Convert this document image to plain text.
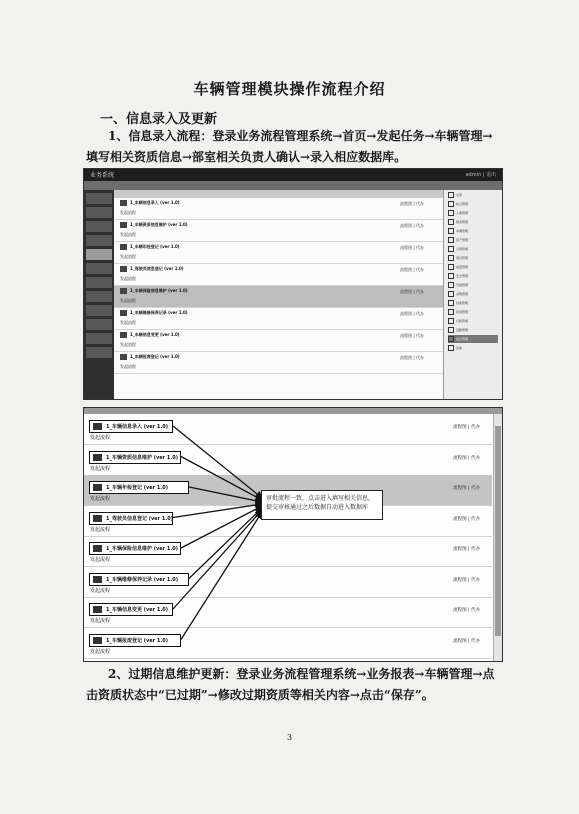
车辆管理模块操作流程介绍
一、信息录入及更新
1、信息录入流程：登录业务流程管理系统→首页→发起任务→车辆管理→填写相关资质信息→部室相关负责人确认→录入相应数据库。
业务系统	admin | 退出
1_车辆信息录入 (ver 1.0)
发起流程
流程图 | 代办
1_车辆资质信息维护 (ver 1.0)
发起流程
流程图 | 代办
1_车辆年检登记 (ver 1.0)
发起流程
流程图 | 代办
1_驾驶员信息登记 (ver 1.0)
发起流程
流程图 | 代办
1_车辆保险信息维护 (ver 1.0)
发起流程
流程图 | 代办
1_车辆维修保养记录 (ver 1.0)
发起流程
流程图 | 代办
1_车辆信息变更 (ver 1.0)
发起流程
流程图 | 代办
1_车辆报废登记 (ver 1.0)
发起流程
流程图 | 代办
全部
综合管理
人事管理
财务管理
车辆管理
资产管理
合同管理
项目管理
质量管理
安全管理
设备管理
采购管理
档案管理
培训管理
行政管理
后勤管理
信息管理
其他
1_车辆信息录入 (ver 1.0)
发起流程
流程图 | 代办
1_车辆资质信息维护 (ver 1.0)
发起流程
流程图 | 代办
1_车辆年检登记 (ver 1.0)
发起流程
流程图 | 代办
1_驾驶员信息登记 (ver 1.0)
发起流程
流程图 | 代办
1_车辆保险信息维护 (ver 1.0)
发起流程
流程图 | 代办
1_车辆维修保养记录 (ver 1.0)
发起流程
流程图 | 代办
1_车辆信息变更 (ver 1.0)
发起流程
流程图 | 代办
1_车辆报废登记 (ver 1.0)
发起流程
流程图 | 代办
审批流程一致，点击进入填写相关信息，提交审核通过之后数据自动进入数据库
2、过期信息维护更新：登录业务流程管理系统→业务报表→车辆管理→点击资质状态中“已过期”→修改过期资质等相关内容→点击“保存”。
3
